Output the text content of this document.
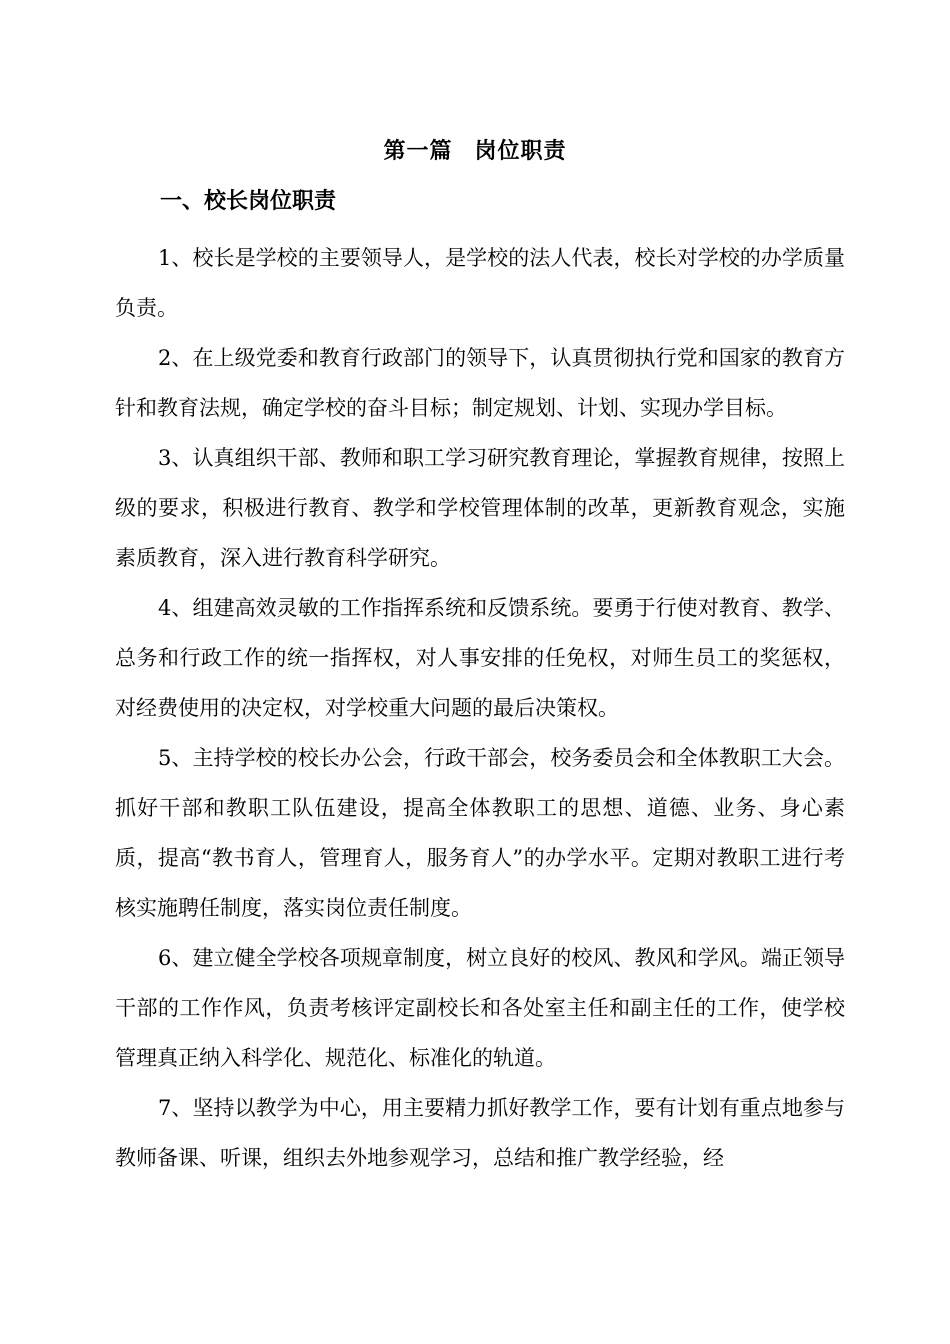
第一篇 岗位职责
一、校长岗位职责

1、校长是学校的主要领导人，是学校的法人代表，校长对学校的办学质量负责。

2、在上级党委和教育行政部门的领导下，认真贯彻执行党和国家的教育方针和教育法规，确定学校的奋斗目标；制定规划、计划、实现办学目标。

3、认真组织干部、教师和职工学习研究教育理论，掌握教育规律，按照上级的要求，积极进行教育、教学和学校管理体制的改革，更新教育观念，实施素质教育，深入进行教育科学研究。

4、组建高效灵敏的工作指挥系统和反馈系统。要勇于行使对教育、教学、总务和行政工作的统一指挥权，对人事安排的任免权，对师生员工的奖惩权，对经费使用的决定权，对学校重大问题的最后决策权。

5、主持学校的校长办公会，行政干部会，校务委员会和全体教职工大会。抓好干部和教职工队伍建设，提高全体教职工的思想、道德、业务、身心素质，提高“教书育人，管理育人，服务育人”的办学水平。定期对教职工进行考核实施聘任制度，落实岗位责任制度。

6、建立健全学校各项规章制度，树立良好的校风、教风和学风。端正领导干部的工作作风，负责考核评定副校长和各处室主任和副主任的工作，使学校管理真正纳入科学化、规范化、标准化的轨道。

7、坚持以教学为中心，用主要精力抓好教学工作，要有计划有重点地参与教师备课、听课，组织去外地参观学习，总结和推广教学经验，经
